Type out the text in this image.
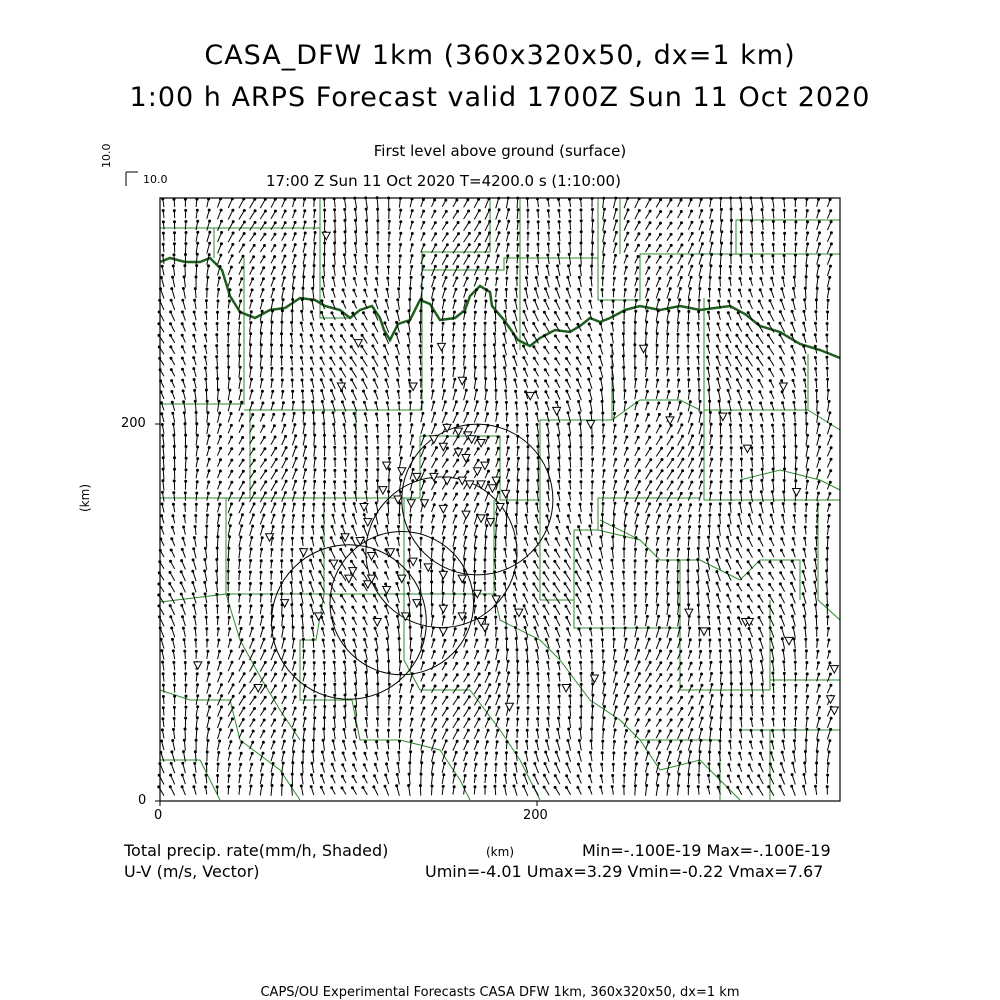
CASA_DFW 1km (360x320x50, dx=1 km)
1:00 h ARPS Forecast valid 1700Z Sun 11 Oct 2020
First level above ground (surface)
17:00 Z Sun 11 Oct 2020 T=4200.0 s (1:10:00)
10.0
10.0
0	200
0
200
(km)
(km)
Total precip. rate(mm/h, Shaded)
U-V (m/s, Vector)
Min=-.100E-19 Max=-.100E-19
Umin=-4.01 Umax=3.29 Vmin=-0.22 Vmax=7.67
CAPS/OU Experimental Forecasts CASA DFW 1km, 360x320x50, dx=1 km
